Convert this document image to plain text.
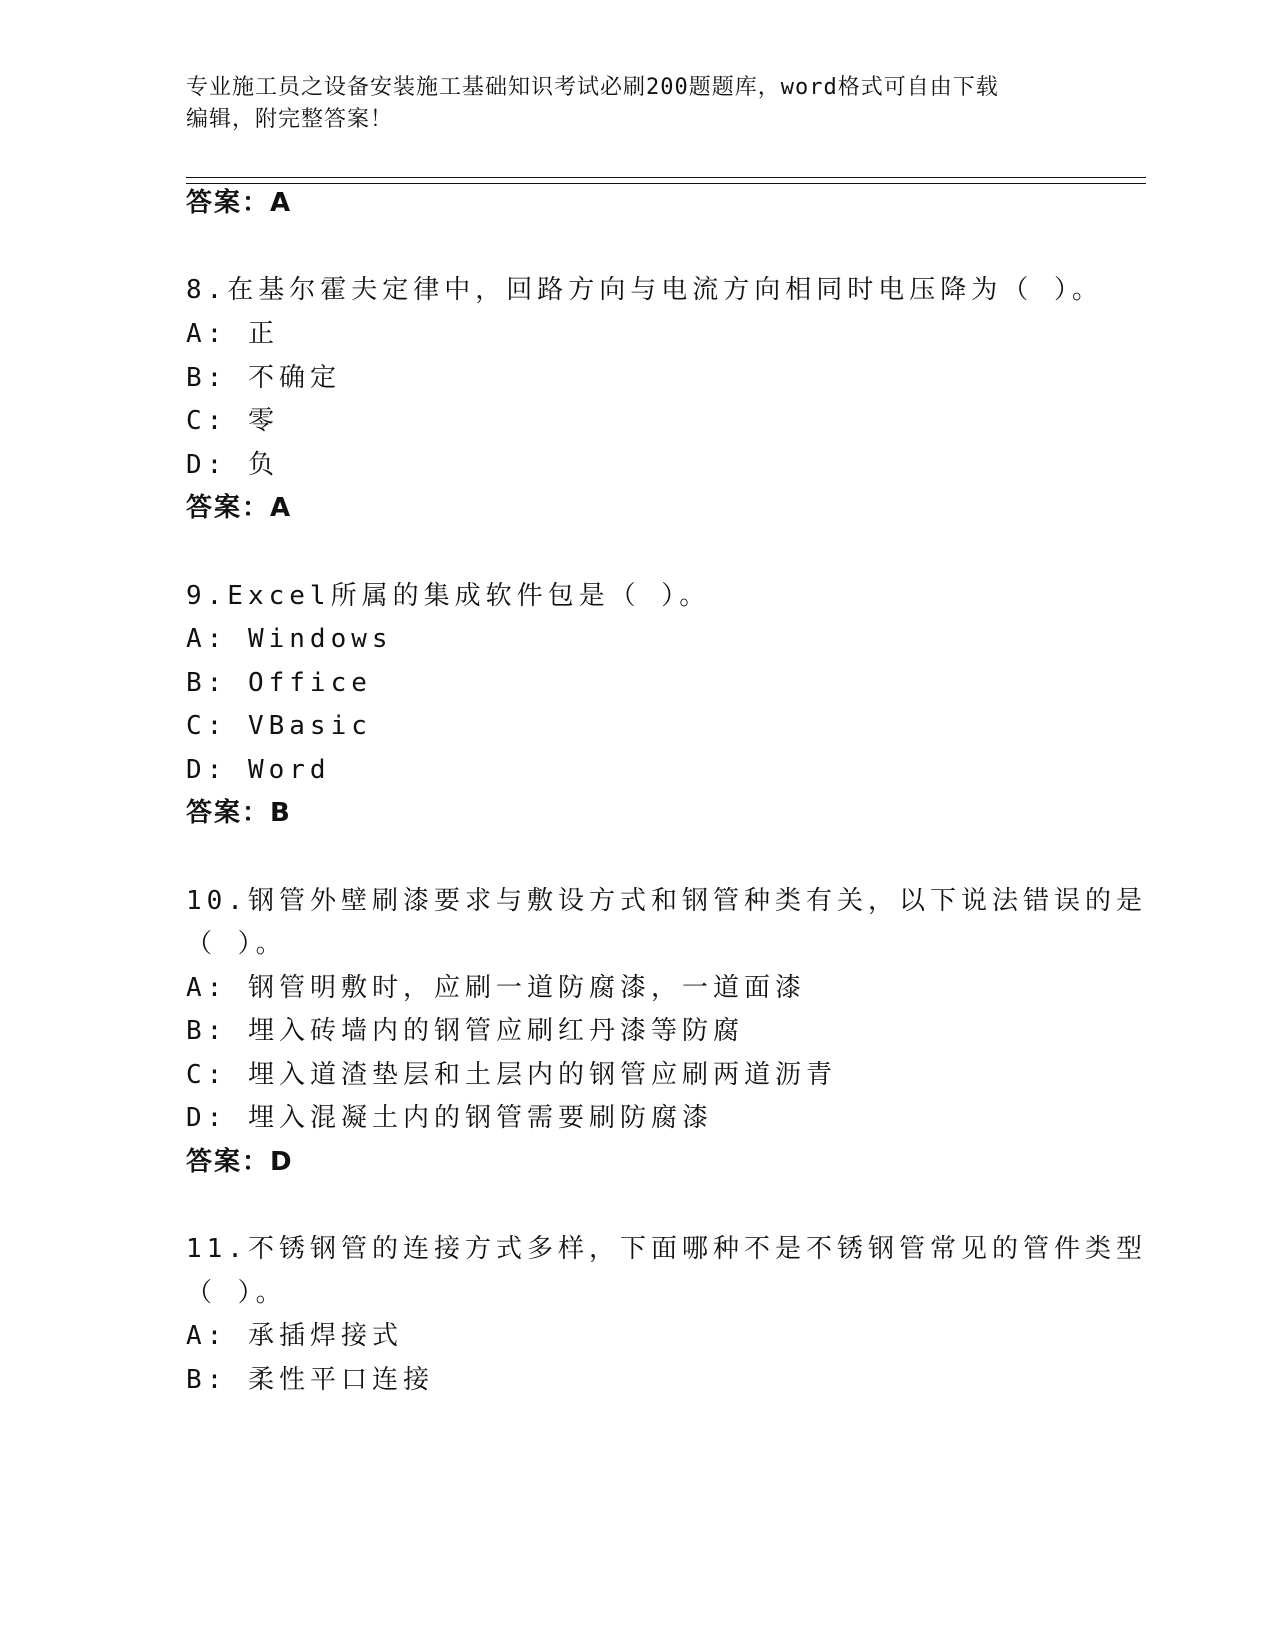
专业施工员之设备安装施工基础知识考试必刷200题题库，word格式可自由下载
编辑，附完整答案！
答案：A
8.在基尔霍夫定律中，回路方向与电流方向相同时电压降为（ ）。
A: 正
B: 不确定
C: 零
D: 负
答案：A
9.Excel所属的集成软件包是（ ）。
A: Windows
B: Office
C: VBasic
D: Word
答案：B
10.钢管外壁刷漆要求与敷设方式和钢管种类有关，以下说法错误的是
（ ）。
A: 钢管明敷时，应刷一道防腐漆，一道面漆
B: 埋入砖墙内的钢管应刷红丹漆等防腐
C: 埋入道渣垫层和土层内的钢管应刷两道沥青
D: 埋入混凝土内的钢管需要刷防腐漆
答案：D
11.不锈钢管的连接方式多样，下面哪种不是不锈钢管常见的管件类型
（ ）。
A: 承插焊接式
B: 柔性平口连接
